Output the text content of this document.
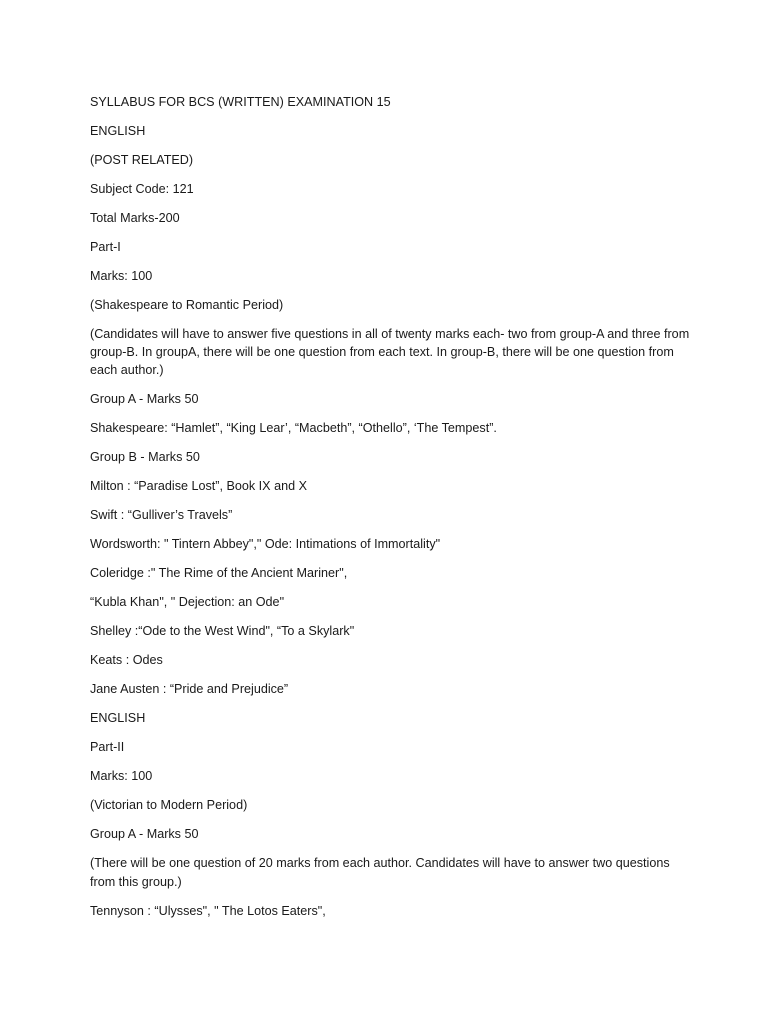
SYLLABUS FOR BCS (WRITTEN) EXAMINATION 15

ENGLISH

(POST RELATED)

Subject Code: 121

Total Marks-200

Part-I

Marks: 100

(Shakespeare to Romantic Period)

(Candidates will have to answer five questions in all of twenty marks each- two from group-A and three from group-B. In groupA, there will be one question from each text. In group-B, there will be one question from each author.)

Group A - Marks 50

Shakespeare: “Hamlet”, “King Lear’, “Macbeth”, “Othello”, ‘The Tempest”.

Group B - Marks 50

Milton : “Paradise Lost”, Book IX and X

Swift : “Gulliver’s Travels”

Wordsworth: " Tintern Abbey"," Ode: Intimations of Immortality"

Coleridge :" The Rime of the Ancient Mariner",

“Kubla Khan", " Dejection: an Ode"

Shelley :“Ode to the West Wind", “To a Skylark"

Keats : Odes

Jane Austen : “Pride and Prejudice”

ENGLISH

Part-II

Marks: 100

(Victorian to Modern Period)

Group A - Marks 50

(There will be one question of 20 marks from each author. Candidates will have to answer two questions from this group.)

Tennyson : “Ulysses", " The Lotos Eaters",
